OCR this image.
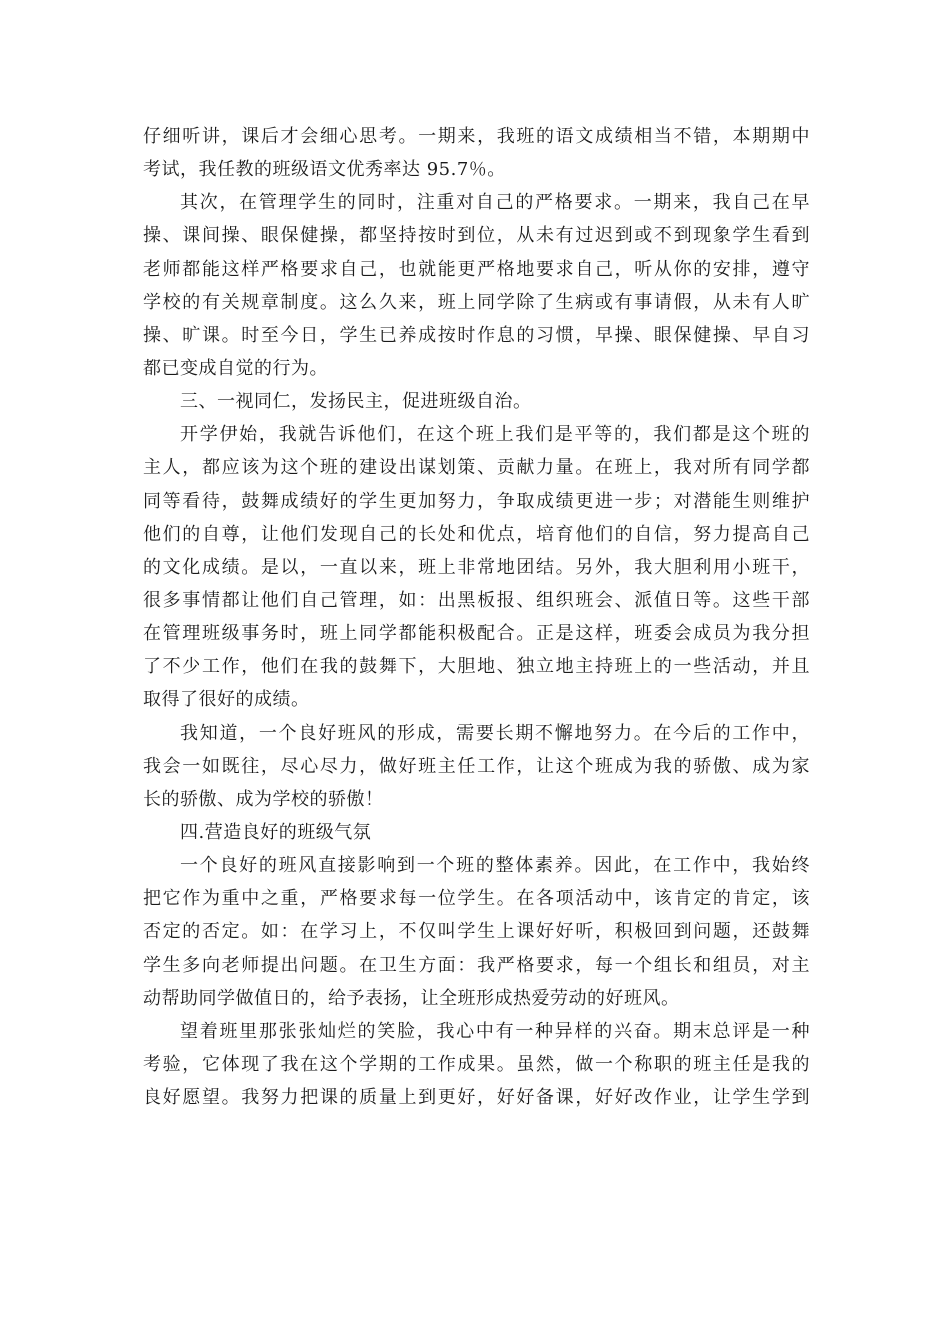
仔细听讲，课后才会细心思考。一期来，我班的语文成绩相当不错，本期期中
考试，我任教的班级语文优秀率达 95.7％。
其次，在管理学生的同时，注重对自己的严格要求。一期来，我自己在早
操、课间操、眼保健操，都坚持按时到位，从未有过迟到或不到现象学生看到
老师都能这样严格要求自己，也就能更严格地要求自己，听从你的安排，遵守
学校的有关规章制度。这么久来，班上同学除了生病或有事请假，从未有人旷
操、旷课。时至今日，学生已养成按时作息的习惯，早操、眼保健操、早自习
都已变成自觉的行为。
三、一视同仁，发扬民主，促进班级自治。
开学伊始，我就告诉他们，在这个班上我们是平等的，我们都是这个班的
主人，都应该为这个班的建设出谋划策、贡献力量。在班上，我对所有同学都
同等看待，鼓舞成绩好的学生更加努力，争取成绩更进一步；对潜能生则维护
他们的自尊，让他们发现自己的长处和优点，培育他们的自信，努力提高自己
的文化成绩。是以，一直以来，班上非常地团结。另外，我大胆利用小班干，
很多事情都让他们自己管理，如：出黑板报、组织班会、派值日等。这些干部
在管理班级事务时，班上同学都能积极配合。正是这样，班委会成员为我分担
了不少工作，他们在我的鼓舞下，大胆地、独立地主持班上的一些活动，并且
取得了很好的成绩。
我知道，一个良好班风的形成，需要长期不懈地努力。在今后的工作中，
我会一如既往，尽心尽力，做好班主任工作，让这个班成为我的骄傲、成为家
长的骄傲、成为学校的骄傲！
四.营造良好的班级气氛
一个良好的班风直接影响到一个班的整体素养。因此，在工作中，我始终
把它作为重中之重，严格要求每一位学生。在各项活动中，该肯定的肯定，该
否定的否定。如：在学习上，不仅叫学生上课好好听，积极回到问题，还鼓舞
学生多向老师提出问题。在卫生方面：我严格要求，每一个组长和组员，对主
动帮助同学做值日的，给予表扬，让全班形成热爱劳动的好班风。
望着班里那张张灿烂的笑脸，我心中有一种异样的兴奋。期末总评是一种
考验，它体现了我在这个学期的工作成果。虽然，做一个称职的班主任是我的
良好愿望。我努力把课的质量上到更好，好好备课，好好改作业，让学生学到
